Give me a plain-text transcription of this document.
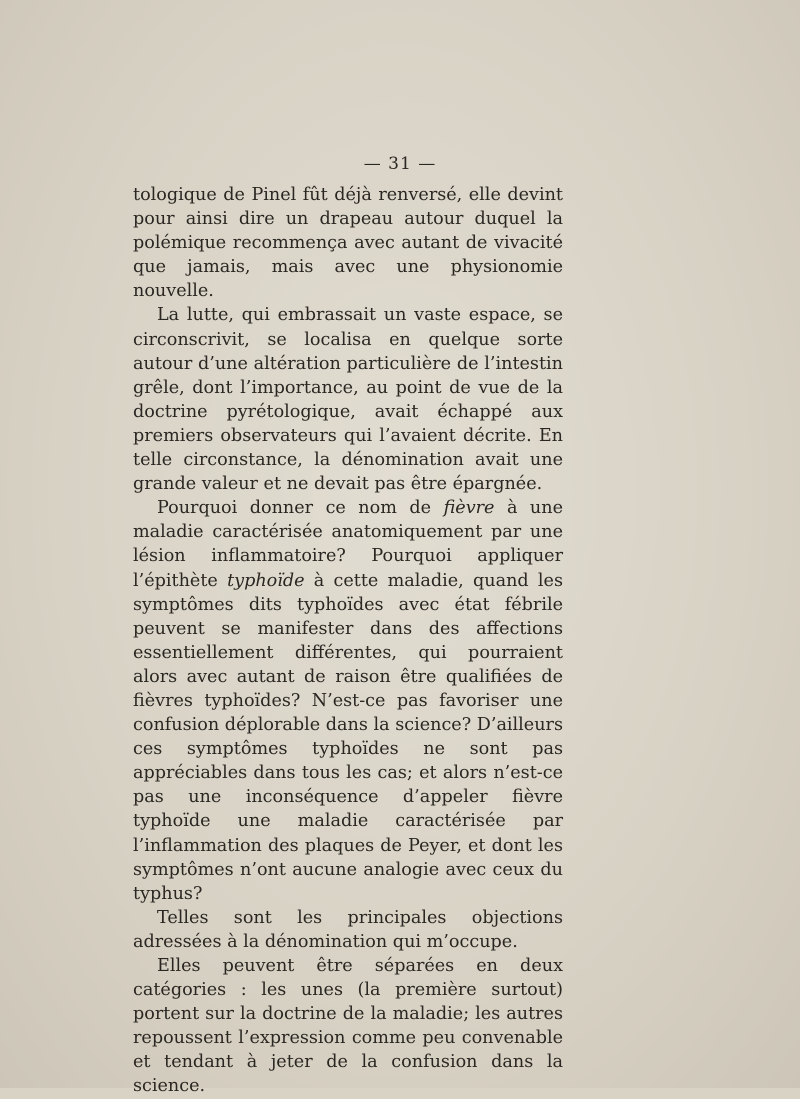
— 31 —

tologique de Pinel fût déjà renversé, elle devint pour ainsi dire un drapeau autour duquel la polémique recommença avec autant de vivacité que jamais, mais avec une physionomie nouvelle.

La lutte, qui embrassait un vaste espace, se circonscrivit, se localisa en quelque sorte autour d’une altération particulière de l’intestin grêle, dont l’importance, au point de vue de la doctrine pyrétologique, avait échappé aux premiers observateurs qui l’avaient décrite. En telle circonstance, la dénomination avait une grande valeur et ne devait pas être épargnée.

Pourquoi donner ce nom de fièvre à une maladie caractérisée anatomiquement par une lésion inflammatoire? Pourquoi appliquer l’épithète typhoïde à cette maladie, quand les symptômes dits typhoïdes avec état fébrile peuvent se manifester dans des affections essentiellement différentes, qui pourraient alors avec autant de raison être qualifiées de fièvres typhoïdes? N’est-ce pas favoriser une confusion déplorable dans la science? D’ailleurs ces symptômes typhoïdes ne sont pas appréciables dans tous les cas; et alors n’est-ce pas une inconséquence d’appeler fièvre typhoïde une maladie caractérisée par l’inflammation des plaques de Peyer, et dont les symptômes n’ont aucune analogie avec ceux du typhus?

Telles sont les principales objections adressées à la dénomination qui m’occupe.

Elles peuvent être séparées en deux catégories : les unes (la première surtout) portent sur la doctrine de la maladie; les autres repoussent l’expression comme peu convenable et tendant à jeter de la confusion dans la science.
